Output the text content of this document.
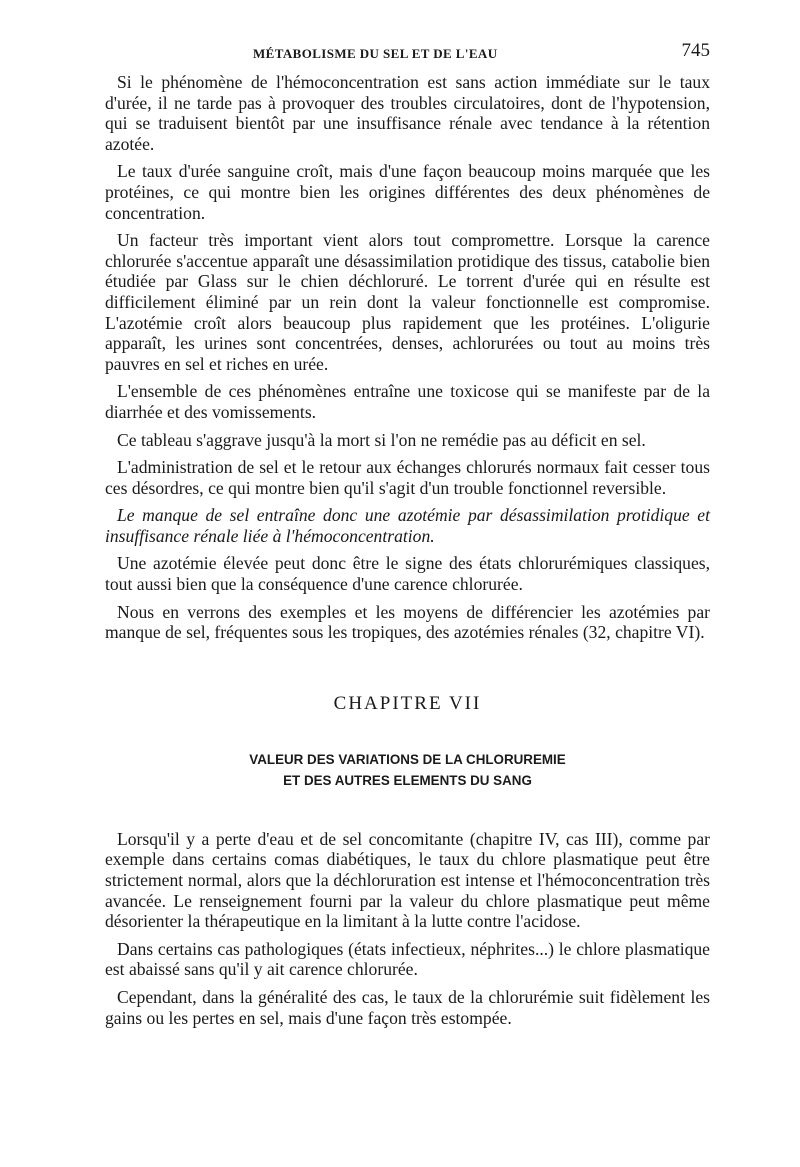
MÉTABOLISME DU SEL ET DE L'EAU	745

Si le phénomène de l'hémoconcentration est sans action immédiate sur le taux d'urée, il ne tarde pas à provoquer des troubles circulatoires, dont de l'hypotension, qui se traduisent bientôt par une insuffisance rénale avec tendance à la rétention azotée.

Le taux d'urée sanguine croît, mais d'une façon beaucoup moins marquée que les protéines, ce qui montre bien les origines différentes des deux phénomènes de concentration.

Un facteur très important vient alors tout compromettre. Lorsque la carence chlorurée s'accentue apparaît une désassimilation protidique des tissus, catabolie bien étudiée par Glass sur le chien déchloruré. Le torrent d'urée qui en résulte est difficilement éliminé par un rein dont la valeur fonctionnelle est compromise. L'azotémie croît alors beaucoup plus rapidement que les protéines. L'oligurie apparaît, les urines sont concentrées, denses, achlorurées ou tout au moins très pauvres en sel et riches en urée.

L'ensemble de ces phénomènes entraîne une toxicose qui se manifeste par de la diarrhée et des vomissements.

Ce tableau s'aggrave jusqu'à la mort si l'on ne remédie pas au déficit en sel.

L'administration de sel et le retour aux échanges chlorurés normaux fait cesser tous ces désordres, ce qui montre bien qu'il s'agit d'un trouble fonctionnel reversible.

Le manque de sel entraîne donc une azotémie par désassimilation protidique et insuffisance rénale liée à l'hémoconcentration.

Une azotémie élevée peut donc être le signe des états chlorurémiques classiques, tout aussi bien que la conséquence d'une carence chlorurée.

Nous en verrons des exemples et les moyens de différencier les azotémies par manque de sel, fréquentes sous les tropiques, des azotémies rénales (32, chapitre VI).

CHAPITRE VII
VALEUR DES VARIATIONS DE LA CHLORUREMIE
ET DES AUTRES ELEMENTS DU SANG

Lorsqu'il y a perte d'eau et de sel concomitante (chapitre IV, cas III), comme par exemple dans certains comas diabétiques, le taux du chlore plasmatique peut être strictement normal, alors que la déchloruration est intense et l'hémoconcentration très avancée. Le renseignement fourni par la valeur du chlore plasmatique peut même désorienter la thérapeutique en la limitant à la lutte contre l'acidose.

Dans certains cas pathologiques (états infectieux, néphrites...) le chlore plasmatique est abaissé sans qu'il y ait carence chlorurée.

Cependant, dans la généralité des cas, le taux de la chlorurémie suit fidèlement les gains ou les pertes en sel, mais d'une façon très estompée.
